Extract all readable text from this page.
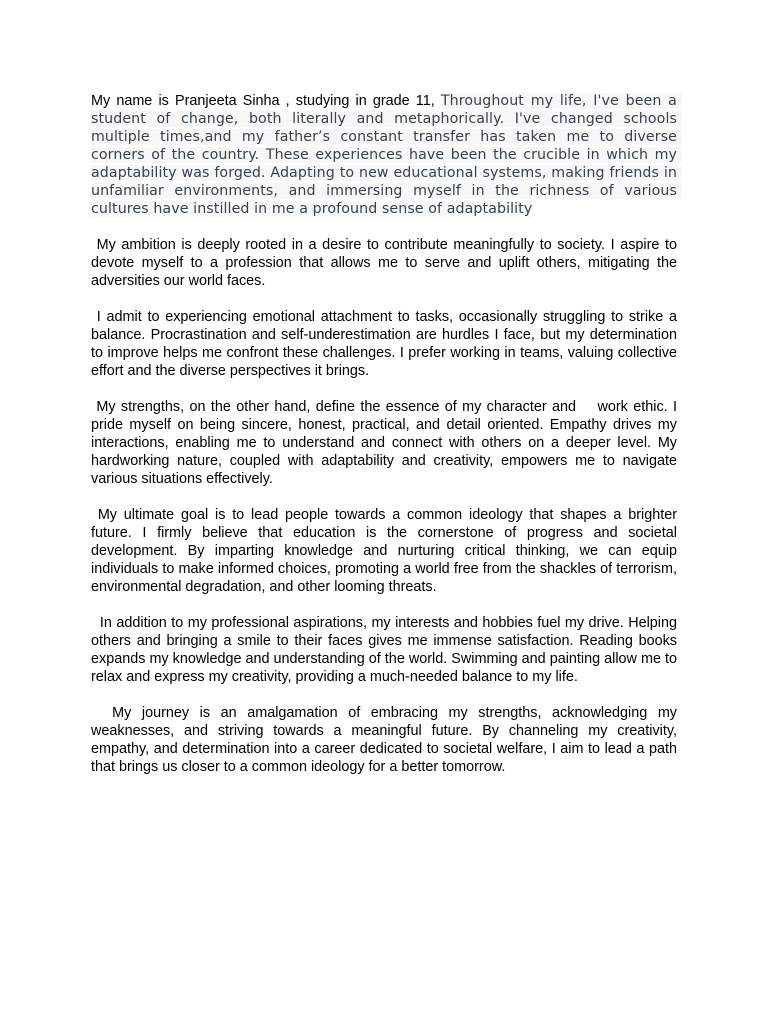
My name is Pranjeeta Sinha , studying in grade 11, Throughout my life, I've been a student of change, both literally and metaphorically. I've changed schools multiple times,and my father’s constant transfer has taken me to diverse corners of the country. These experiences have been the crucible in which my adaptability was forged. Adapting to new educational systems, making friends in unfamiliar environments, and immersing myself in the richness of various cultures have instilled in me a profound sense of adaptability

My ambition is deeply rooted in a desire to contribute meaningfully to society. I aspire to devote myself to a profession that allows me to serve and uplift others, mitigating the adversities our world faces.

I admit to experiencing emotional attachment to tasks, occasionally struggling to strike a balance. Procrastination and self-underestimation are hurdles I face, but my determination to improve helps me confront these challenges. I prefer working in teams, valuing collective effort and the diverse perspectives it brings.

My strengths, on the other hand, define the essence of my character and    work ethic. I pride myself on being sincere, honest, practical, and detail oriented. Empathy drives my interactions, enabling me to understand and connect with others on a deeper level. My hardworking nature, coupled with adaptability and creativity, empowers me to navigate various situations effectively.

My ultimate goal is to lead people towards a common ideology that shapes a brighter future. I firmly believe that education is the cornerstone of progress and societal development. By imparting knowledge and nurturing critical thinking, we can equip individuals to make informed choices, promoting a world free from the shackles of terrorism, environmental degradation, and other looming threats.

In addition to my professional aspirations, my interests and hobbies fuel my drive. Helping others and bringing a smile to their faces gives me immense satisfaction. Reading books expands my knowledge and understanding of the world. Swimming and painting allow me to relax and express my creativity, providing a much-needed balance to my life.

My journey is an amalgamation of embracing my strengths, acknowledging my weaknesses, and striving towards a meaningful future. By channeling my creativity, empathy, and determination into a career dedicated to societal welfare, I aim to lead a path that brings us closer to a common ideology for a better tomorrow.
